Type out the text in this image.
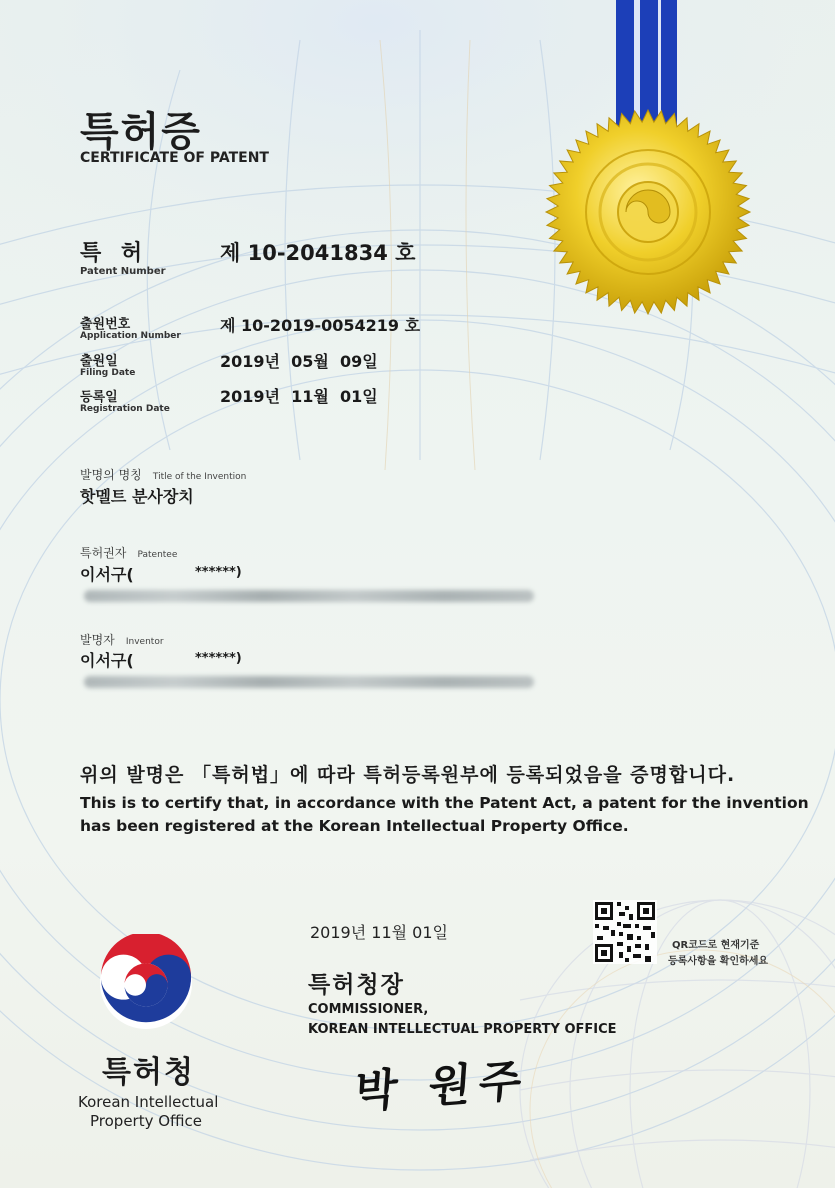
특허증
CERTIFICATE OF PATENT
특 허
Patent Number
제 10-2041834 호
출원번호
Application Number
제 10-2019-0054219 호
출원일
Filing Date
2019년  05월  09일
등록일
Registration Date
2019년  11월  01일
발명의 명칭 Title of the Invention
핫멜트 분사장치
특허권자 Patentee
이서구(	******)
발명자 Inventor
이서구(	******)
위의 발명은 「특허법」에 따라 특허등록원부에 등록되었음을 증명합니다.
This is to certify that, in accordance with the Patent Act, a patent for the invention
has been registered at the Korean Intellectual Property Office.
2019년 11월 01일
QR코드로 현재기준
등록사항을 확인하세요
특허청장
COMMISSIONER,
KOREAN INTELLECTUAL PROPERTY OFFICE
박 원주
특허청
Korean Intellectual
Property Office
